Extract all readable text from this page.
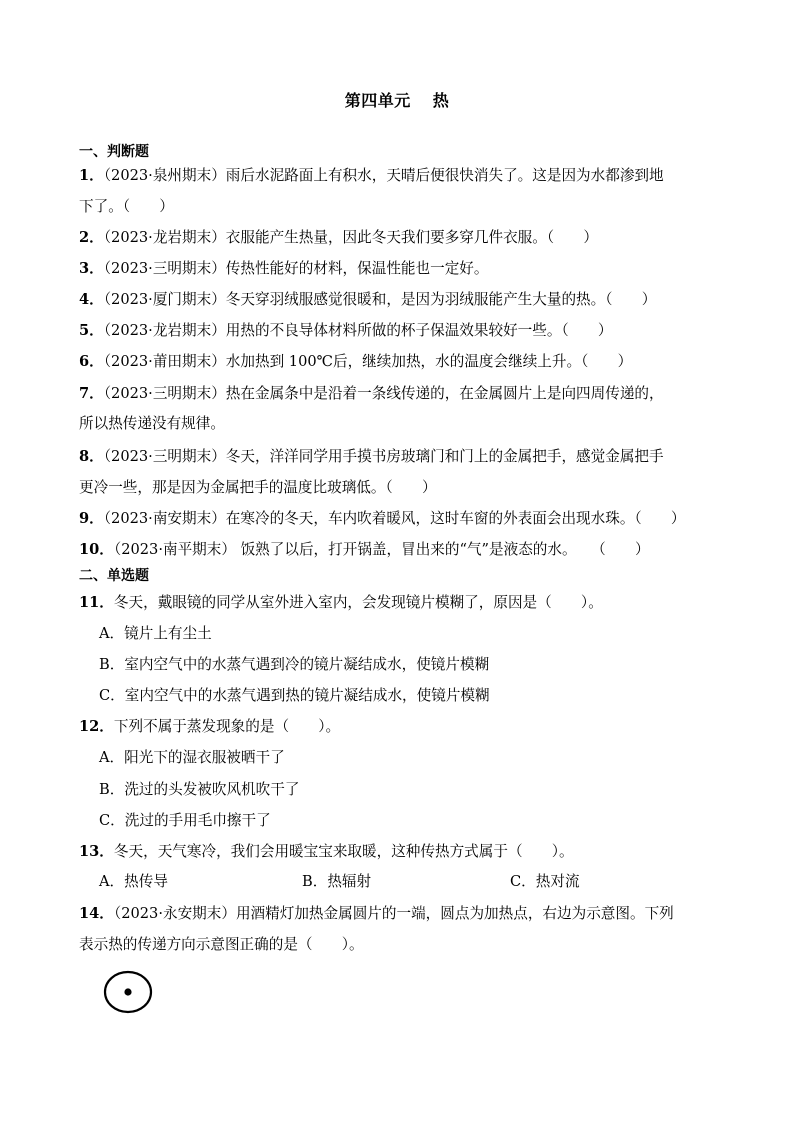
第四单元 热
一、判断题
1．（2023·泉州期末）雨后水泥路面上有积水，天晴后便很快消失了。这是因为水都渗到地
下了。（　　）
2．（2023·龙岩期末）衣服能产生热量，因此冬天我们要多穿几件衣服。（　　）
3．（2023·三明期末）传热性能好的材料，保温性能也一定好。
4．（2023·厦门期末）冬天穿羽绒服感觉很暖和，是因为羽绒服能产生大量的热。（　　）
5．（2023·龙岩期末）用热的不良导体材料所做的杯子保温效果较好一些。（　　）
6．（2023·莆田期末）水加热到 100℃后，继续加热，水的温度会继续上升。（　　）
7．（2023·三明期末）热在金属条中是沿着一条线传递的，在金属圆片上是向四周传递的，
所以热传递没有规律。
8．（2023·三明期末）冬天，洋洋同学用手摸书房玻璃门和门上的金属把手，感觉金属把手
更冷一些，那是因为金属把手的温度比玻璃低。（　　）
9．（2023·南安期末）在寒冷的冬天，车内吹着暖风，这时车窗的外表面会出现水珠。（　　）
10．（2023·南平期末） 饭熟了以后，打开锅盖，冒出来的“气”是液态的水。　　（　　）
二、单选题
11．冬天，戴眼镜的同学从室外进入室内，会发现镜片模糊了，原因是（　　）。
A．镜片上有尘土
B．室内空气中的水蒸气遇到冷的镜片凝结成水，使镜片模糊
C．室内空气中的水蒸气遇到热的镜片凝结成水，使镜片模糊
12．下列不属于蒸发现象的是（　　）。
A．阳光下的湿衣服被晒干了
B．洗过的头发被吹风机吹干了
C．洗过的手用毛巾擦干了
13．冬天，天气寒冷，我们会用暖宝宝来取暖，这种传热方式属于（　　）。
A．热传导	B．热辐射	C．热对流
14．（2023·永安期末）用酒精灯加热金属圆片的一端，圆点为加热点，右边为示意图。下列
表示热的传递方向示意图正确的是（　　）。
